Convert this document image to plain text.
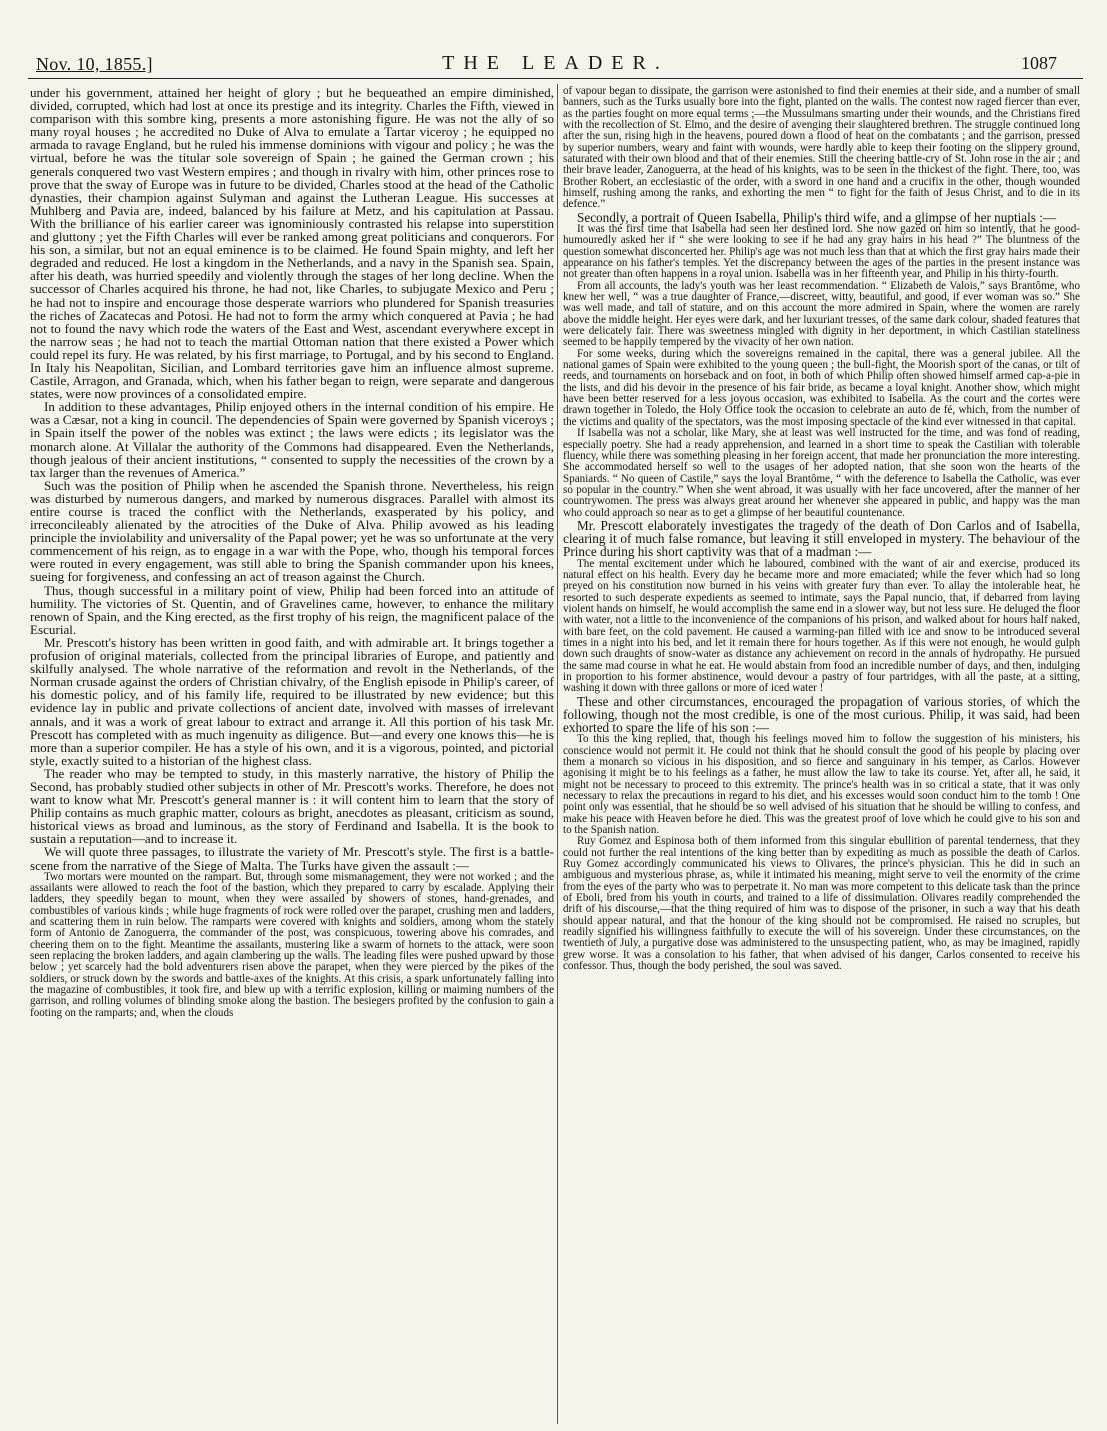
Nov. 10, 1855.]	THE LEADER.	1087

under his government, attained her height of glory ; but he bequeathed an empire diminished, divided, corrupted, which had lost at once its prestige and its integrity. Charles the Fifth, viewed in comparison with this sombre king, presents a more astonishing figure. He was not the ally of so many royal houses ; he accredited no Duke of Alva to emulate a Tartar viceroy ; he equipped no armada to ravage England, but he ruled his immense dominions with vigour and policy ; he was the virtual, before he was the titular sole sovereign of Spain ; he gained the German crown ; his generals conquered two vast Western empires ; and though in rivalry with him, other princes rose to prove that the sway of Europe was in future to be divided, Charles stood at the head of the Catholic dynasties, their champion against Sulyman and against the Lutheran League. His successes at Muhlberg and Pavia are, indeed, balanced by his failure at Metz, and his capitulation at Passau. With the brilliance of his earlier career was ignominiously contrasted his relapse into superstition and gluttony ; yet the Fifth Charles will ever be ranked among great politicians and conquerors. For his son, a similar, but not an equal eminence is to be claimed. He found Spain mighty, and left her degraded and reduced. He lost a kingdom in the Netherlands, and a navy in the Spanish sea. Spain, after his death, was hurried speedily and violently through the stages of her long decline. When the successor of Charles acquired his throne, he had not, like Charles, to subjugate Mexico and Peru ; he had not to inspire and encourage those desperate warriors who plundered for Spanish treasuries the riches of Zacatecas and Potosi. He had not to form the army which conquered at Pavia ; he had not to found the navy which rode the waters of the East and West, ascendant everywhere except in the narrow seas ; he had not to teach the martial Ottoman nation that there existed a Power which could repel its fury. He was related, by his first marriage, to Portugal, and by his second to England. In Italy his Neapolitan, Sicilian, and Lombard territories gave him an influence almost supreme. Castile, Arragon, and Granada, which, when his father began to reign, were separate and dangerous states, were now provinces of a consolidated empire.

In addition to these advantages, Philip enjoyed others in the internal condition of his empire. He was a Cæsar, not a king in council. The dependencies of Spain were governed by Spanish viceroys ; in Spain itself the power of the nobles was extinct ; the laws were edicts ; its legislator was the monarch alone. At Villalar the authority of the Commons had disappeared. Even the Netherlands, though jealous of their ancient institutions, “ consented to supply the necessities of the crown by a tax larger than the revenues of America.”

Such was the position of Philip when he ascended the Spanish throne. Nevertheless, his reign was disturbed by numerous dangers, and marked by numerous disgraces. Parallel with almost its entire course is traced the conflict with the Netherlands, exasperated by his policy, and irreconcileably alienated by the atrocities of the Duke of Alva. Philip avowed as his leading principle the inviolability and universality of the Papal power; yet he was so unfortunate at the very commencement of his reign, as to engage in a war with the Pope, who, though his temporal forces were routed in every engagement, was still able to bring the Spanish commander upon his knees, sueing for forgiveness, and confessing an act of treason against the Church.

Thus, though successful in a military point of view, Philip had been forced into an attitude of humility. The victories of St. Quentin, and of Gravelines came, however, to enhance the military renown of Spain, and the King erected, as the first trophy of his reign, the magnificent palace of the Escurial.

Mr. Prescott's history has been written in good faith, and with admirable art. It brings together a profusion of original materials, collected from the principal libraries of Europe, and patiently and skilfully analysed. The whole narrative of the reformation and revolt in the Netherlands, of the Norman crusade against the orders of Christian chivalry, of the English episode in Philip's career, of his domestic policy, and of his family life, required to be illustrated by new evidence; but this evidence lay in public and private collections of ancient date, involved with masses of irrelevant annals, and it was a work of great labour to extract and arrange it. All this portion of his task Mr. Prescott has completed with as much ingenuity as diligence. But—and every one knows this—he is more than a superior compiler. He has a style of his own, and it is a vigorous, pointed, and pictorial style, exactly suited to a historian of the highest class.

The reader who may be tempted to study, in this masterly narrative, the history of Philip the Second, has probably studied other subjects in other of Mr. Prescott's works. Therefore, he does not want to know what Mr. Prescott's general manner is : it will content him to learn that the story of Philip contains as much graphic matter, colours as bright, anecdotes as pleasant, criticism as sound, historical views as broad and luminous, as the story of Ferdinand and Isabella. It is the book to sustain a reputation—and to increase it.

We will quote three passages, to illustrate the variety of Mr. Prescott's style. The first is a battle-scene from the narrative of the Siege of Malta. The Turks have given the assault :—

Two mortars were mounted on the rampart. But, through some mismanagement, they were not worked ; and the assailants were allowed to reach the foot of the bastion, which they prepared to carry by escalade. Applying their ladders, they speedily began to mount, when they were assailed by showers of stones, hand-grenades, and combustibles of various kinds ; while huge fragments of rock were rolled over the parapet, crushing men and ladders, and scattering them in ruin below. The ramparts were covered with knights and soldiers, among whom the stately form of Antonio de Zanoguerra, the commander of the post, was conspicuous, towering above his comrades, and cheering them on to the fight. Meantime the assailants, mustering like a swarm of hornets to the attack, were soon seen replacing the broken ladders, and again clambering up the walls. The leading files were pushed upward by those below ; yet scarcely had the bold adventurers risen above the parapet, when they were pierced by the pikes of the soldiers, or struck down by the swords and battle-axes of the knights. At this crisis, a spark unfortunately falling into the magazine of combustibles, it took fire, and blew up with a terrific explosion, killing or maiming numbers of the garrison, and rolling volumes of blinding smoke along the bastion. The besiegers profited by the confusion to gain a footing on the ramparts; and, when the clouds

of vapour began to dissipate, the garrison were astonished to find their enemies at their side, and a number of small banners, such as the Turks usually bore into the fight, planted on the walls. The contest now raged fiercer than ever, as the parties fought on more equal terms ;—the Mussulmans smarting under their wounds, and the Christians fired with the recollection of St. Elmo, and the desire of avenging their slaughtered brethren. The struggle continued long after the sun, rising high in the heavens, poured down a flood of heat on the combatants ; and the garrison, pressed by superior numbers, weary and faint with wounds, were hardly able to keep their footing on the slippery ground, saturated with their own blood and that of their enemies. Still the cheering battle-cry of St. John rose in the air ; and their brave leader, Zanoguerra, at the head of his knights, was to be seen in the thickest of the fight. There, too, was Brother Robert, an ecclesiastic of the order, with a sword in one hand and a crucifix in the other, though wounded himself, rushing among the ranks, and exhorting the men “ to fight for the faith of Jesus Christ, and to die in its defence.”

Secondly, a portrait of Queen Isabella, Philip's third wife, and a glimpse of her nuptials :—

It was the first time that Isabella had seen her destined lord. She now gazed on him so intently, that he good-humouredly asked her if “ she were looking to see if he had any gray hairs in his head ?” The bluntness of the question somewhat disconcerted her. Philip's age was not much less than that at which the first gray hairs made their appearance on his father's temples. Yet the discrepancy between the ages of the parties in the present instance was not greater than often happens in a royal union. Isabella was in her fifteenth year, and Philip in his thirty-fourth.

From all accounts, the lady's youth was her least recommendation. “ Elizabeth de Valois,” says Brantôme, who knew her well, “ was a true daughter of France,—discreet, witty, beautiful, and good, if ever woman was so.” She was well made, and tall of stature, and on this account the more admired in Spain, where the women are rarely above the middle height. Her eyes were dark, and her luxuriant tresses, of the same dark colour, shaded features that were delicately fair. There was sweetness mingled with dignity in her deportment, in which Castilian stateliness seemed to be happily tempered by the vivacity of her own nation.

For some weeks, during which the sovereigns remained in the capital, there was a general jubilee. All the national games of Spain were exhibited to the young queen ; the bull-fight, the Moorish sport of the canas, or tilt of reeds, and tournaments on horseback and on foot, in both of which Philip often showed himself armed cap-a-pie in the lists, and did his devoir in the presence of his fair bride, as became a loyal knight. Another show, which might have been better reserved for a less joyous occasion, was exhibited to Isabella. As the court and the cortes were drawn together in Toledo, the Holy Office took the occasion to celebrate an auto de fé, which, from the number of the victims and quality of the spectators, was the most imposing spectacle of the kind ever witnessed in that capital.

If Isabella was not a scholar, like Mary, she at least was well instructed for the time, and was fond of reading, especially poetry. She had a ready apprehension, and learned in a short time to speak the Castilian with tolerable fluency, while there was something pleasing in her foreign accent, that made her pronunciation the more interesting. She accommodated herself so well to the usages of her adopted nation, that she soon won the hearts of the Spaniards. “ No queen of Castile,” says the loyal Brantôme, “ with the deference to Isabella the Catholic, was ever so popular in the country.” When she went abroad, it was usually with her face uncovered, after the manner of her countrywomen. The press was always great around her whenever she appeared in public, and happy was the man who could approach so near as to get a glimpse of her beautiful countenance.

Mr. Prescott elaborately investigates the tragedy of the death of Don Carlos and of Isabella, clearing it of much false romance, but leaving it still enveloped in mystery. The behaviour of the Prince during his short captivity was that of a madman :—

The mental excitement under which he laboured, combined with the want of air and exercise, produced its natural effect on his health. Every day he became more and more emaciated; while the fever which had so long preyed on his constitution now burned in his veins with greater fury than ever. To allay the intolerable heat, he resorted to such desperate expedients as seemed to intimate, says the Papal nuncio, that, if debarred from laying violent hands on himself, he would accomplish the same end in a slower way, but not less sure. He deluged the floor with water, not a little to the inconvenience of the companions of his prison, and walked about for hours half naked, with bare feet, on the cold pavement. He caused a warming-pan filled with ice and snow to be introduced several times in a night into his bed, and let it remain there for hours together. As if this were not enough, he would gulph down such draughts of snow-water as distance any achievement on record in the annals of hydropathy. He pursued the same mad course in what he eat. He would abstain from food an incredible number of days, and then, indulging in proportion to his former abstinence, would devour a pastry of four partridges, with all the paste, at a sitting, washing it down with three gallons or more of iced water !

These and other circumstances, encouraged the propagation of various stories, of which the following, though not the most credible, is one of the most curious. Philip, it was said, had been exhorted to spare the life of his son :—

To this the king replied, that, though his feelings moved him to follow the suggestion of his ministers, his conscience would not permit it. He could not think that he should consult the good of his people by placing over them a monarch so vicious in his disposition, and so fierce and sanguinary in his temper, as Carlos. However agonising it might be to his feelings as a father, he must allow the law to take its course. Yet, after all, he said, it might not be necessary to proceed to this extremity. The prince's health was in so critical a state, that it was only necessary to relax the precautions in regard to his diet, and his excesses would soon conduct him to the tomb ! One point only was essential, that he should be so well advised of his situation that he should be willing to confess, and make his peace with Heaven before he died. This was the greatest proof of love which he could give to his son and to the Spanish nation.

Ruy Gomez and Espinosa both of them informed from this singular ebullition of parental tenderness, that they could not further the real intentions of the king better than by expediting as much as possible the death of Carlos. Ruy Gomez accordingly communicated his views to Olivares, the prince's physician. This he did in such an ambiguous and mysterious phrase, as, while it intimated his meaning, might serve to veil the enormity of the crime from the eyes of the party who was to perpetrate it. No man was more competent to this delicate task than the prince of Eboli, bred from his youth in courts, and trained to a life of dissimulation. Olivares readily comprehended the drift of his discourse,—that the thing required of him was to dispose of the prisoner, in such a way that his death should appear natural, and that the honour of the king should not be compromised. He raised no scruples, but readily signified his willingness faithfully to execute the will of his sovereign. Under these circumstances, on the twentieth of July, a purgative dose was administered to the unsuspecting patient, who, as may be imagined, rapidly grew worse. It was a consolation to his father, that when advised of his danger, Carlos consented to receive his confessor. Thus, though the body perished, the soul was saved.
